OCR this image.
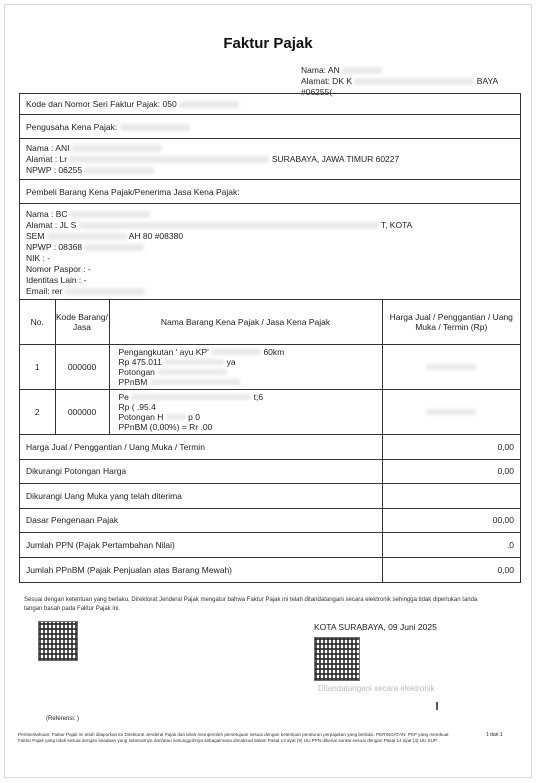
Faktur Pajak
Nama: AN
Alamat: DK K	BAYA
#06255(
Kode dan Nomor Seri Faktur Pajak: 050
Pengusaha Kena Pajak:
Nama : ANI
Alamat : Lr	SURABAYA, JAWA TIMUR 60227
NPWP : 06255
Pembeli Barang Kena Pajak/Penerima Jasa Kena Pajak:
Nama : BC
Alamat : JL S	T, KOTA
SEM	AH 80 #08380
NPWP : 08368
NIK : -
Nomor Paspor : -
Identitas Lain : -
Email: rer
No.	Kode Barang/ Jasa	Nama Barang Kena Pajak / Jasa Kena Pajak	Harga Jual / Penggantian / Uang Muka / Termin (Rp)
1	000000	Pengangkutan ' ayu KP' 60km
Rp 475.011 ya
Potongan
PPnBM	

2	000000	Pe t;6
Rp ( .95.4
Potongan H p 0
PPnBM (0,00%) = Rr .00	

Harga Jual / Penggantian / Uang Muka / Termin	0,00
Dikurangi Potongan Harga	0,00
Dikurangi Uang Muka yang telah diterima	
Dasar Pengenaan Pajak	00,00
Jumlah PPN (Pajak Pertambahan Nilai)	.0
Jumlah PPnBM (Pajak Penjualan atas Barang Mewah)	0,00
Sesuai dengan ketentuan yang berlaku, Direktorat Jenderal Pajak mengatur bahwa Faktur Pajak ini telah ditandatangani secara elektronik sehingga tidak diperlukan tanda tangan basah pada Faktur Pajak ini.
KOTA SURABAYA, 09 Juni 2025
Ditandatangani secara elektronik
(Referensi: )
Pemberitahuan: Faktur Pajak ini telah dilaporkan ke Direktorat Jenderal Pajak dan telah memperoleh persetujuan sesuai dengan ketentuan peraturan perpajakan yang berlaku. PERINGATAN: PKP yang membuat Faktur Pajak yang tidak sesuai dengan keadaan yang sebenarnya dan/atau sesungguhnya sebagaimana dimaksud dalam Pasal 13 ayat (9) UU PPN dikenai sanksi sesuai dengan Pasal 14 ayat (4) UU KUP.
1 dari 1
